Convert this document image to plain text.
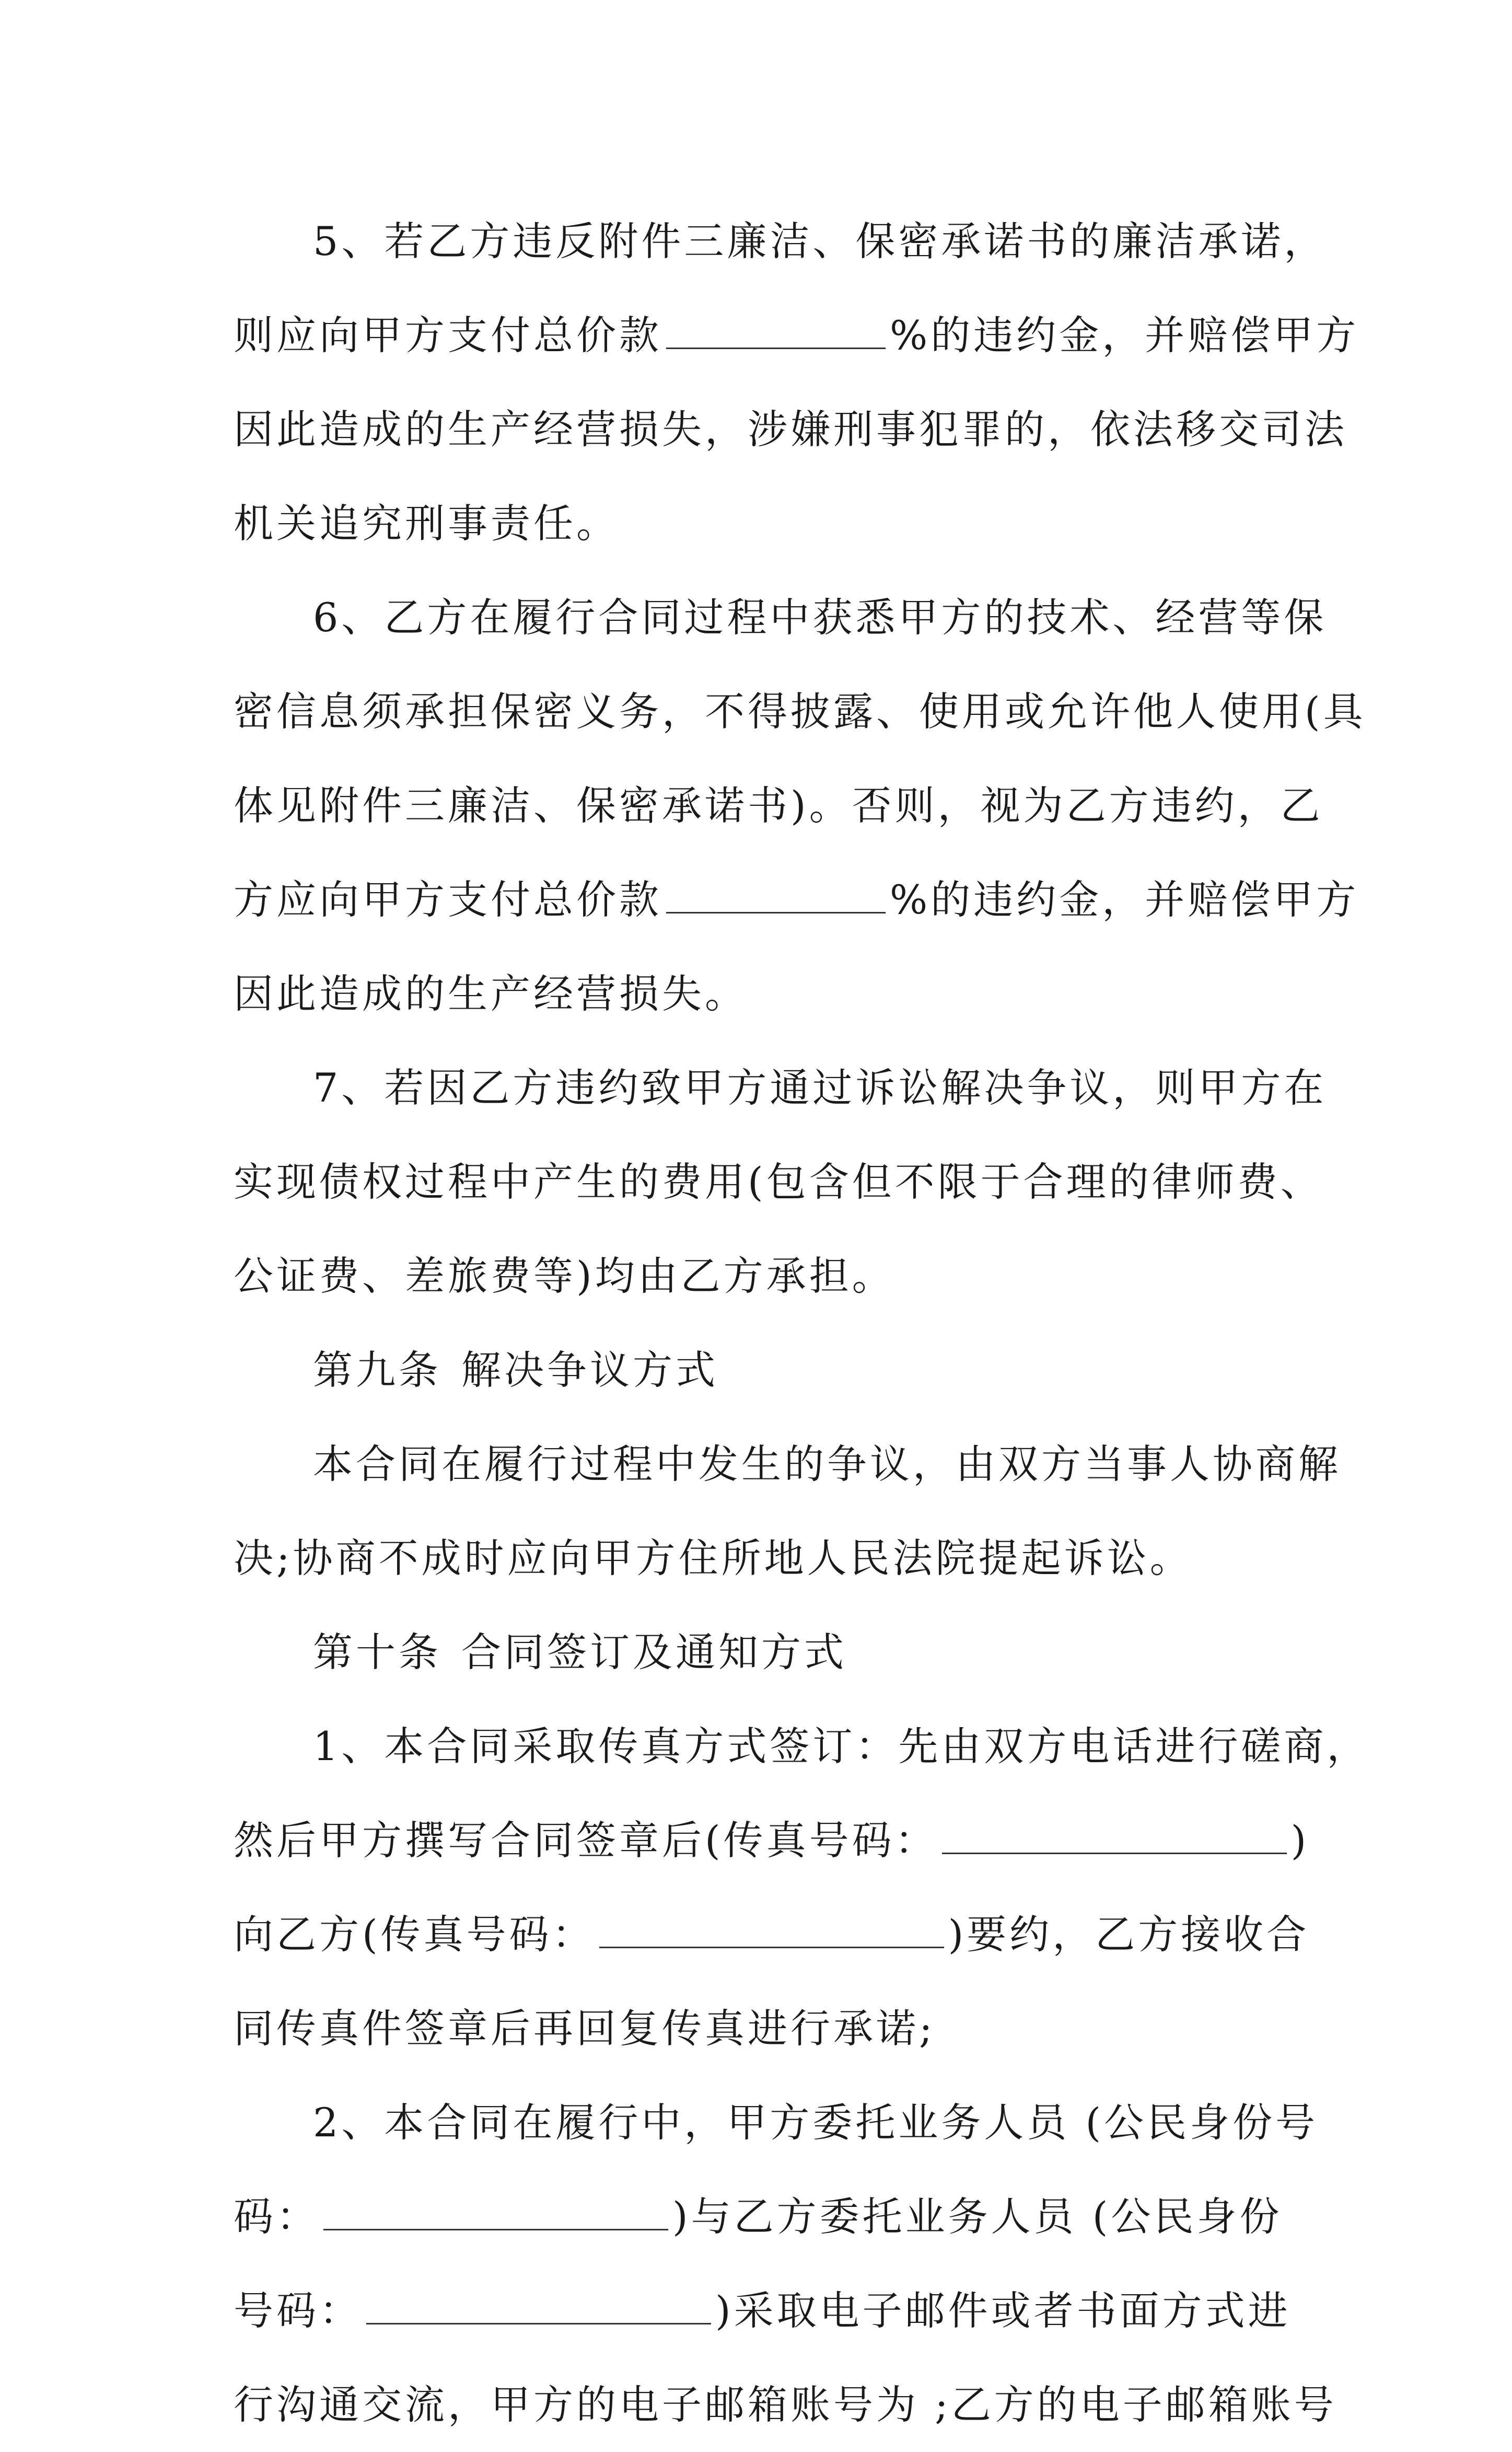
5、若乙方违反附件三廉洁、保密承诺书的廉洁承诺，
则应向甲方支付总价款	%的违约金，并赔偿甲方
因此造成的生产经营损失，涉嫌刑事犯罪的，依法移交司法
机关追究刑事责任。
6、乙方在履行合同过程中获悉甲方的技术、经营等保
密信息须承担保密义务，不得披露、使用或允许他人使用(具
体见附件三廉洁、保密承诺书)。否则，视为乙方违约，乙
方应向甲方支付总价款	%的违约金，并赔偿甲方
因此造成的生产经营损失。
7、若因乙方违约致甲方通过诉讼解决争议，则甲方在
实现债权过程中产生的费用(包含但不限于合理的律师费、
公证费、差旅费等)均由乙方承担。
第九条 解决争议方式
本合同在履行过程中发生的争议，由双方当事人协商解
决;协商不成时应向甲方住所地人民法院提起诉讼。
第十条 合同签订及通知方式
1、本合同采取传真方式签订：先由双方电话进行磋商，
然后甲方撰写合同签章后(传真号码：	)
向乙方(传真号码：	)要约，乙方接收合
同传真件签章后再回复传真进行承诺;
2、本合同在履行中，甲方委托业务人员 (公民身份号
码：	)与乙方委托业务人员 (公民身份
号码：	)采取电子邮件或者书面方式进
行沟通交流，甲方的电子邮箱账号为 ;乙方的电子邮箱账号
